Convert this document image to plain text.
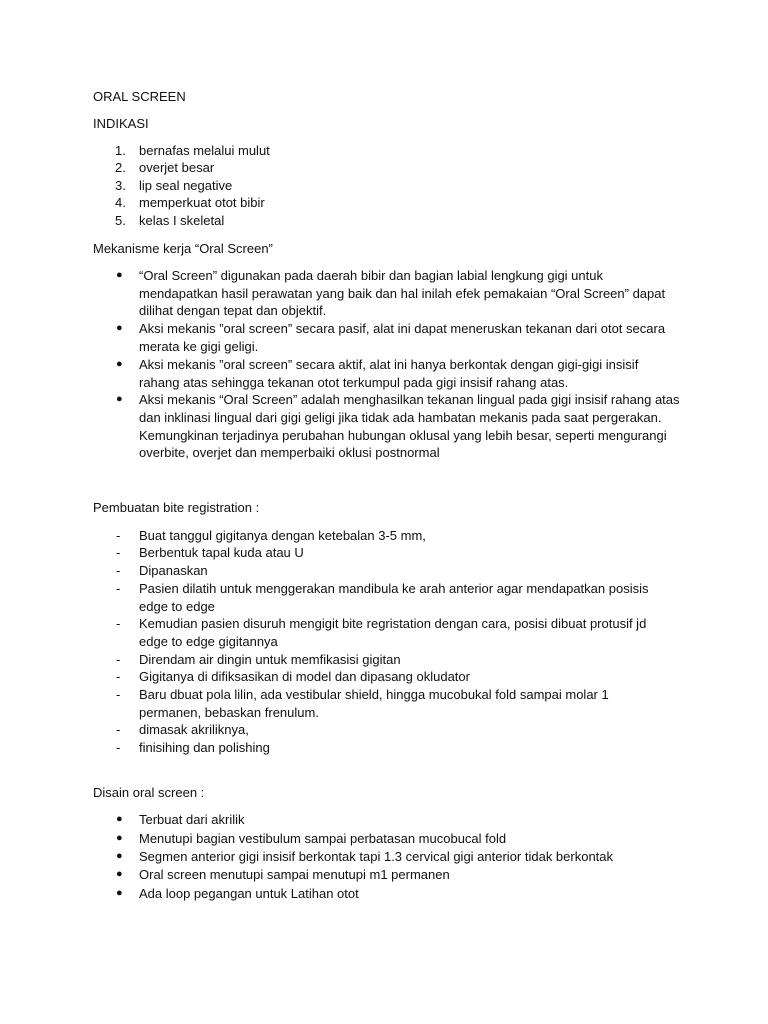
ORAL SCREEN
INDIKASI
1. bernafas melalui mulut
2. overjet besar
3. lip seal negative
4. memperkuat otot bibir
5. kelas I skeletal
Mekanisme kerja “Oral Screen”
● “Oral Screen” digunakan pada daerah bibir dan bagian labial lengkung gigi untuk
mendapatkan hasil perawatan yang baik dan hal inilah efek pemakaian “Oral Screen” dapat
dilihat dengan tepat dan objektif.
● Aksi mekanis ”oral screen” secara pasif, alat ini dapat meneruskan tekanan dari otot secara
merata ke gigi geligi.
● Aksi mekanis ”oral screen” secara aktif, alat ini hanya berkontak dengan gigi-gigi insisif
rahang atas sehingga tekanan otot terkumpul pada gigi insisif rahang atas.
● Aksi mekanis “Oral Screen” adalah menghasilkan tekanan lingual pada gigi insisif rahang atas
dan inklinasi lingual dari gigi geligi jika tidak ada hambatan mekanis pada saat pergerakan.
Kemungkinan terjadinya perubahan hubungan oklusal yang lebih besar, seperti mengurangi
overbite, overjet dan memperbaiki oklusi postnormal
Pembuatan bite registration :
- Buat tanggul gigitanya dengan ketebalan 3-5 mm,
- Berbentuk tapal kuda atau U
- Dipanaskan
- Pasien dilatih untuk menggerakan mandibula ke arah anterior agar mendapatkan posisis
edge to edge
- Kemudian pasien disuruh mengigit bite regristation dengan cara, posisi dibuat protusif jd
edge to edge gigitannya
- Direndam air dingin untuk memfikasisi gigitan
- Gigitanya di difiksasikan di model dan dipasang okludator
- Baru dbuat pola lilin, ada vestibular shield, hingga mucobukal fold sampai molar 1
permanen, bebaskan frenulum.
- dimasak akriliknya,
- finisihing dan polishing
Disain oral screen :
● Terbuat dari akrilik
● Menutupi bagian vestibulum sampai perbatasan mucobucal fold
● Segmen anterior gigi insisif berkontak tapi 1.3 cervical gigi anterior tidak berkontak
● Oral screen menutupi sampai menutupi m1 permanen
● Ada loop pegangan untuk Latihan otot
